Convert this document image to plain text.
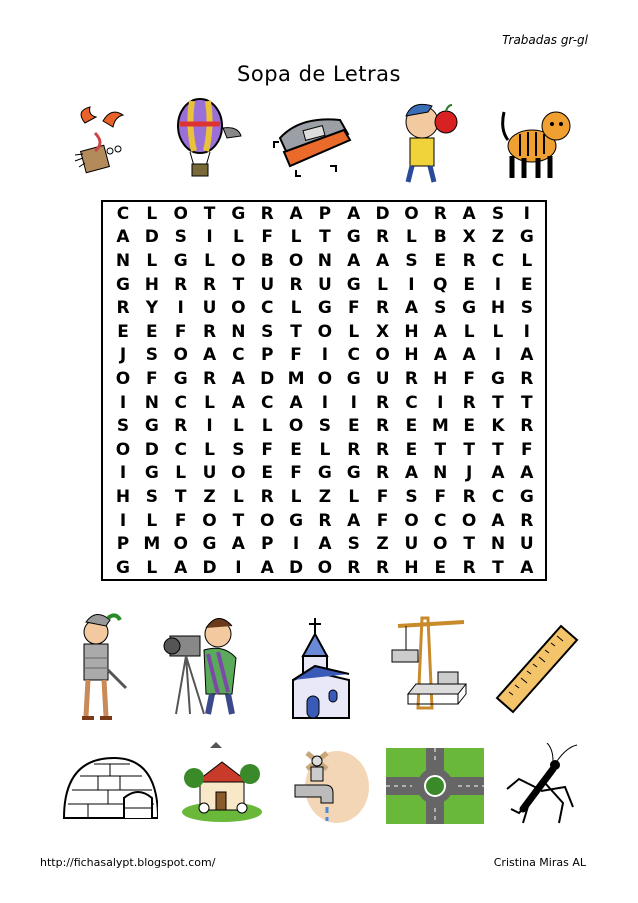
Trabadas gr-gl
Sopa de Letras
C	L O T G R A P A D O R A S	I
A D S	I	L	F	L	T G R L B X Z G
N L G L O B O N A A S E R C	L
G H R R T U R U G L	I	Q E	I	E
R Y	I	U O C	L G F R A S G H S
E	E	F R N S T O L X H A L	L	I
J	S O A C P F	I	C O H A A	I	A
O F G R A D M O G U R H F G R
I	N C	L A C A	I	I	R C	I	R T	T
S G R	I	L	L O S E R E M E K R
O D C	L	S F	E	L R R E	T	T	T	F
I	G L U O E	F G G R A N	J	A A
H S T Z	L R L	Z	L	F S F R C G
I	L	F O T O G R A F O C O A R
P M O G A P	I	A S Z U O T N U
G L A D	I	A D O R R H E R T A
http://fichasalypt.blogspot.com/	Cristina Miras AL
